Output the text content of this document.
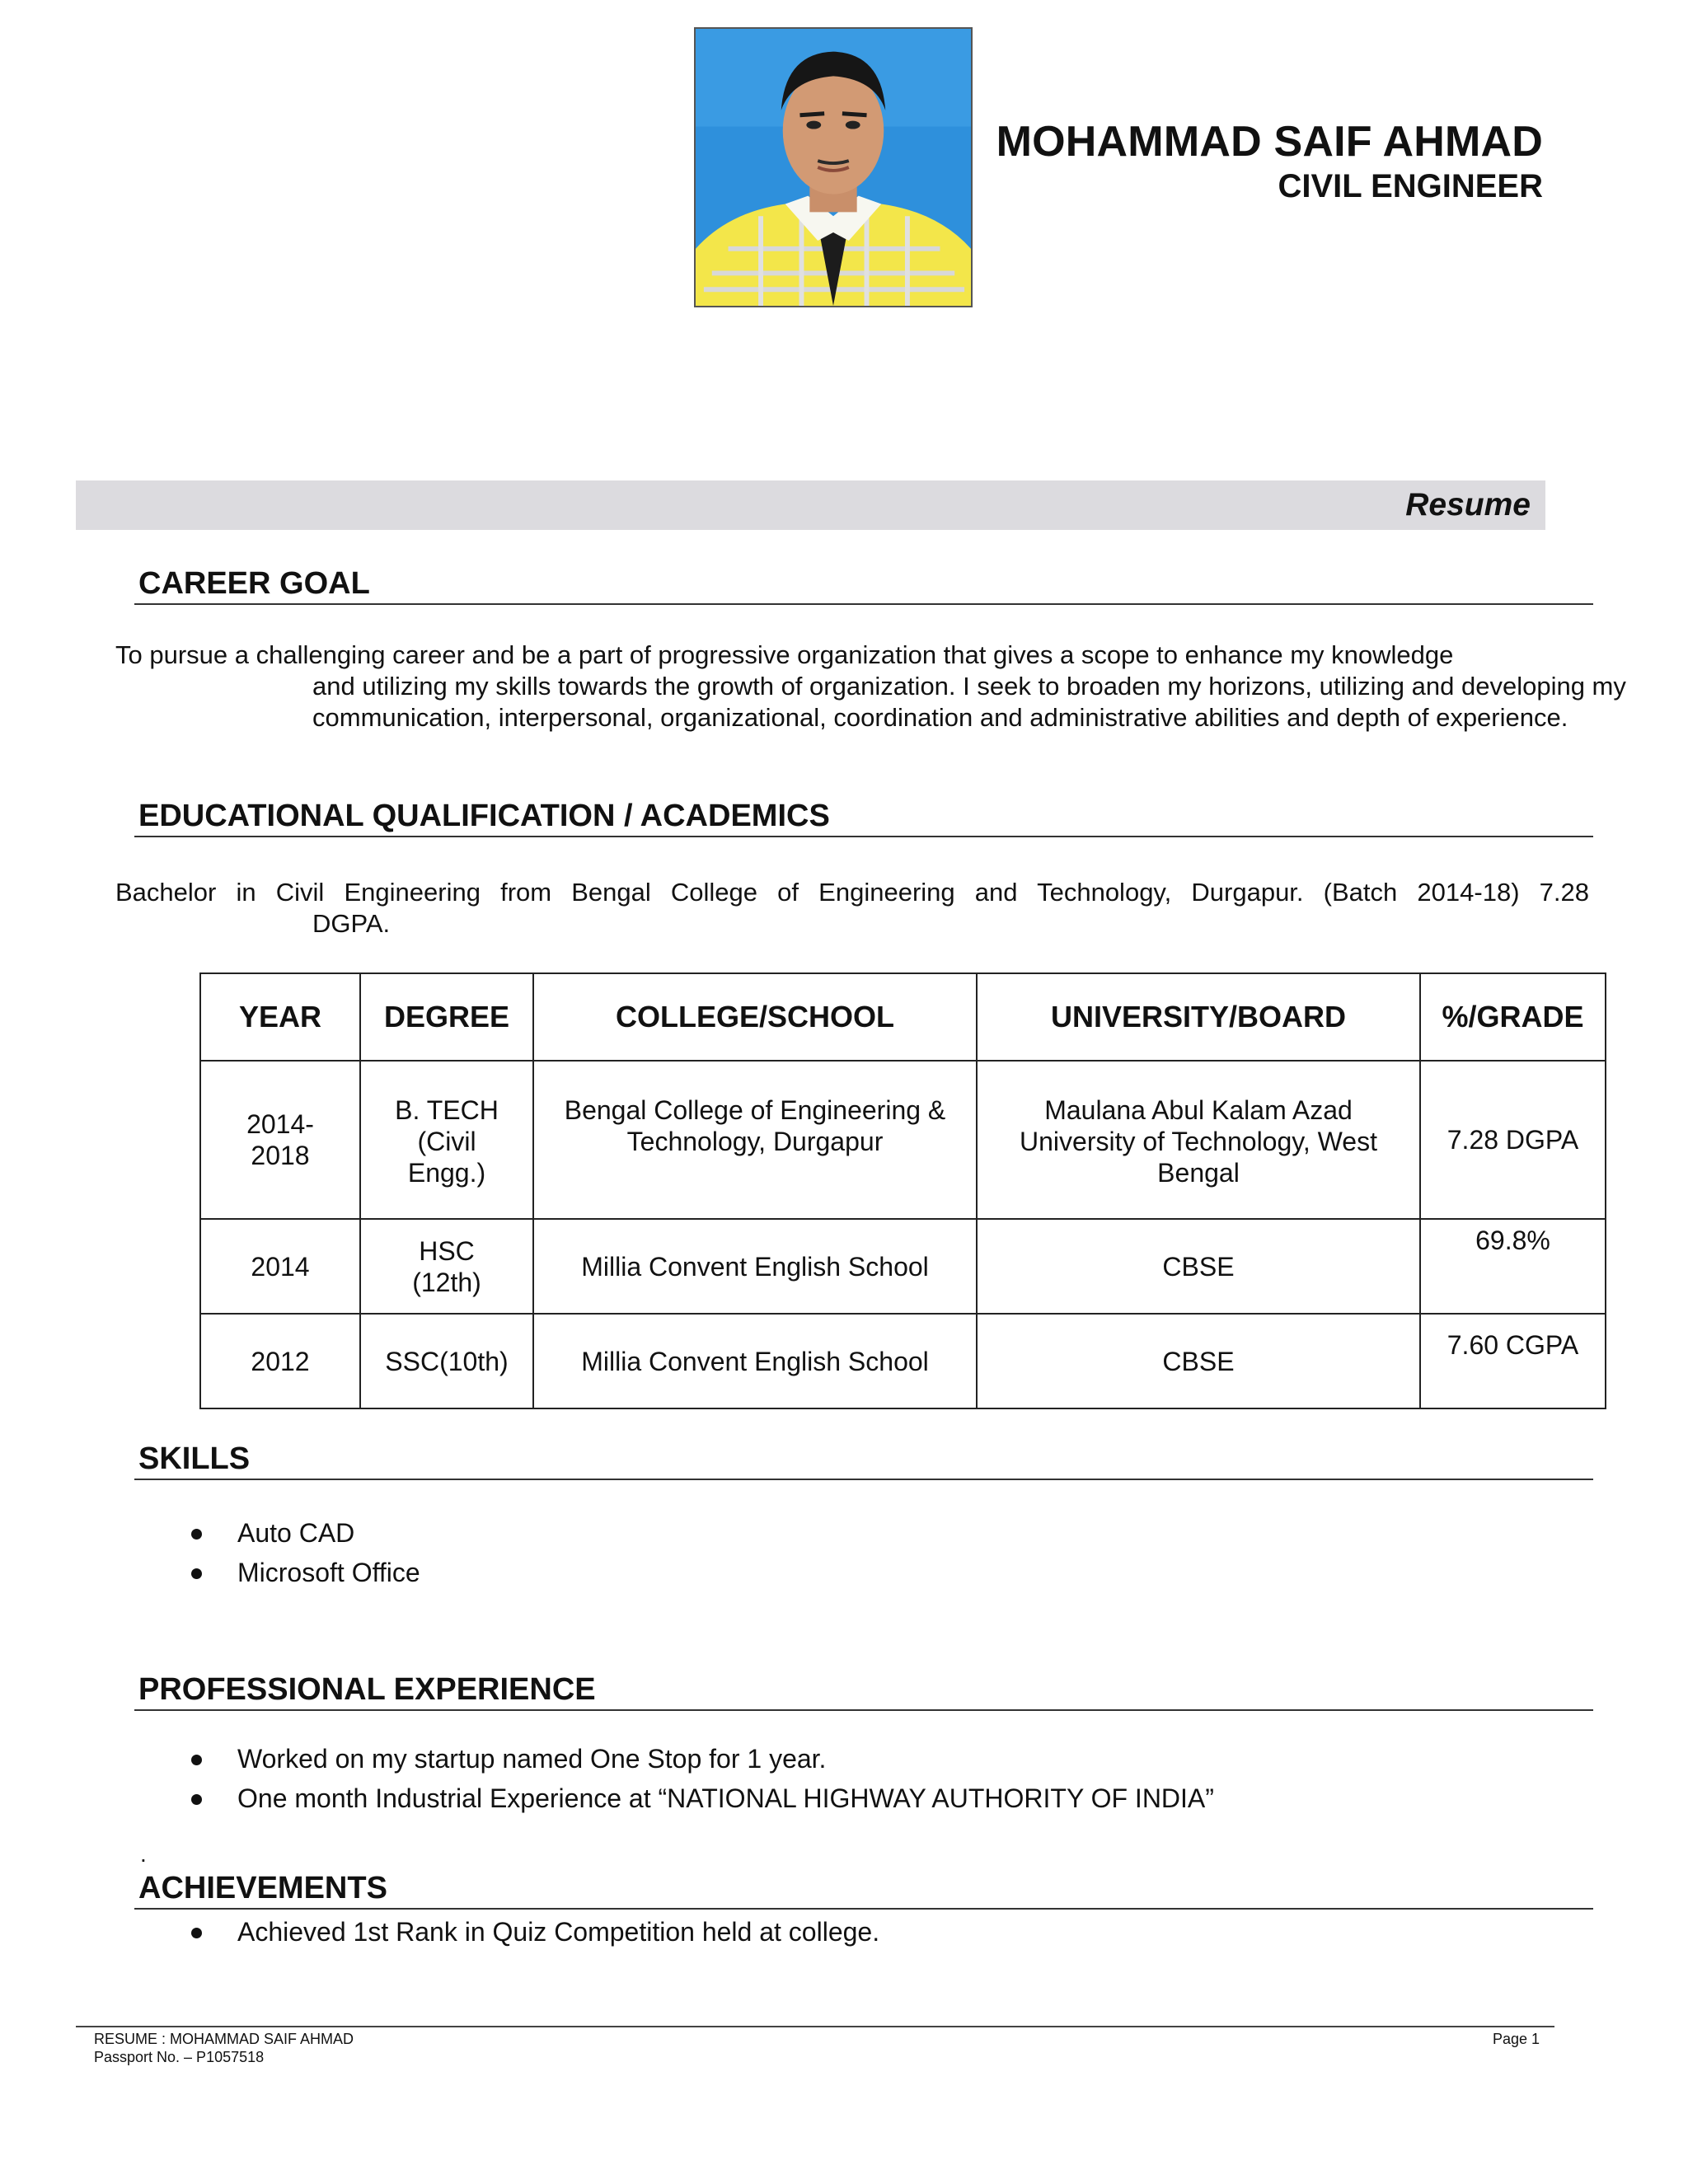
MOHAMMAD SAIF AHMAD
CIVIL ENGINEER
Resume
CAREER GOAL
To pursue a challenging career and be a part of progressive organization that gives a scope to enhance my knowledge
and utilizing my skills towards the growth of organization. I seek to broaden my horizons, utilizing and developing my communication, interpersonal, organizational, coordination and administrative abilities and depth of experience.
EDUCATIONAL QUALIFICATION / ACADEMICS
Bachelor in Civil Engineering from Bengal College of Engineering and Technology, Durgapur. (Batch 2014-18) 7.28
DGPA.
YEAR	DEGREE	COLLEGE/SCHOOL	UNIVERSITY/BOARD	%/GRADE
2014- 2018	B. TECH (Civil Engg.)	Bengal College of Engineering & Technology, Durgapur	Maulana Abul Kalam Azad University of Technology, West Bengal	7.28 DGPA
2014	HSC (12th)	Millia Convent English School	CBSE	69.8%
2012	SSC(10th)	Millia Convent English School	CBSE	7.60 CGPA
SKILLS
Auto CAD
Microsoft Office
PROFESSIONAL EXPERIENCE
Worked on my startup named One Stop for 1 year.
One month Industrial Experience at “NATIONAL HIGHWAY AUTHORITY OF INDIA”
.
ACHIEVEMENTS
Achieved 1st Rank in Quiz Competition held at college.
RESUME : MOHAMMAD SAIF AHMAD
Passport No. – P1057518
Page 1
